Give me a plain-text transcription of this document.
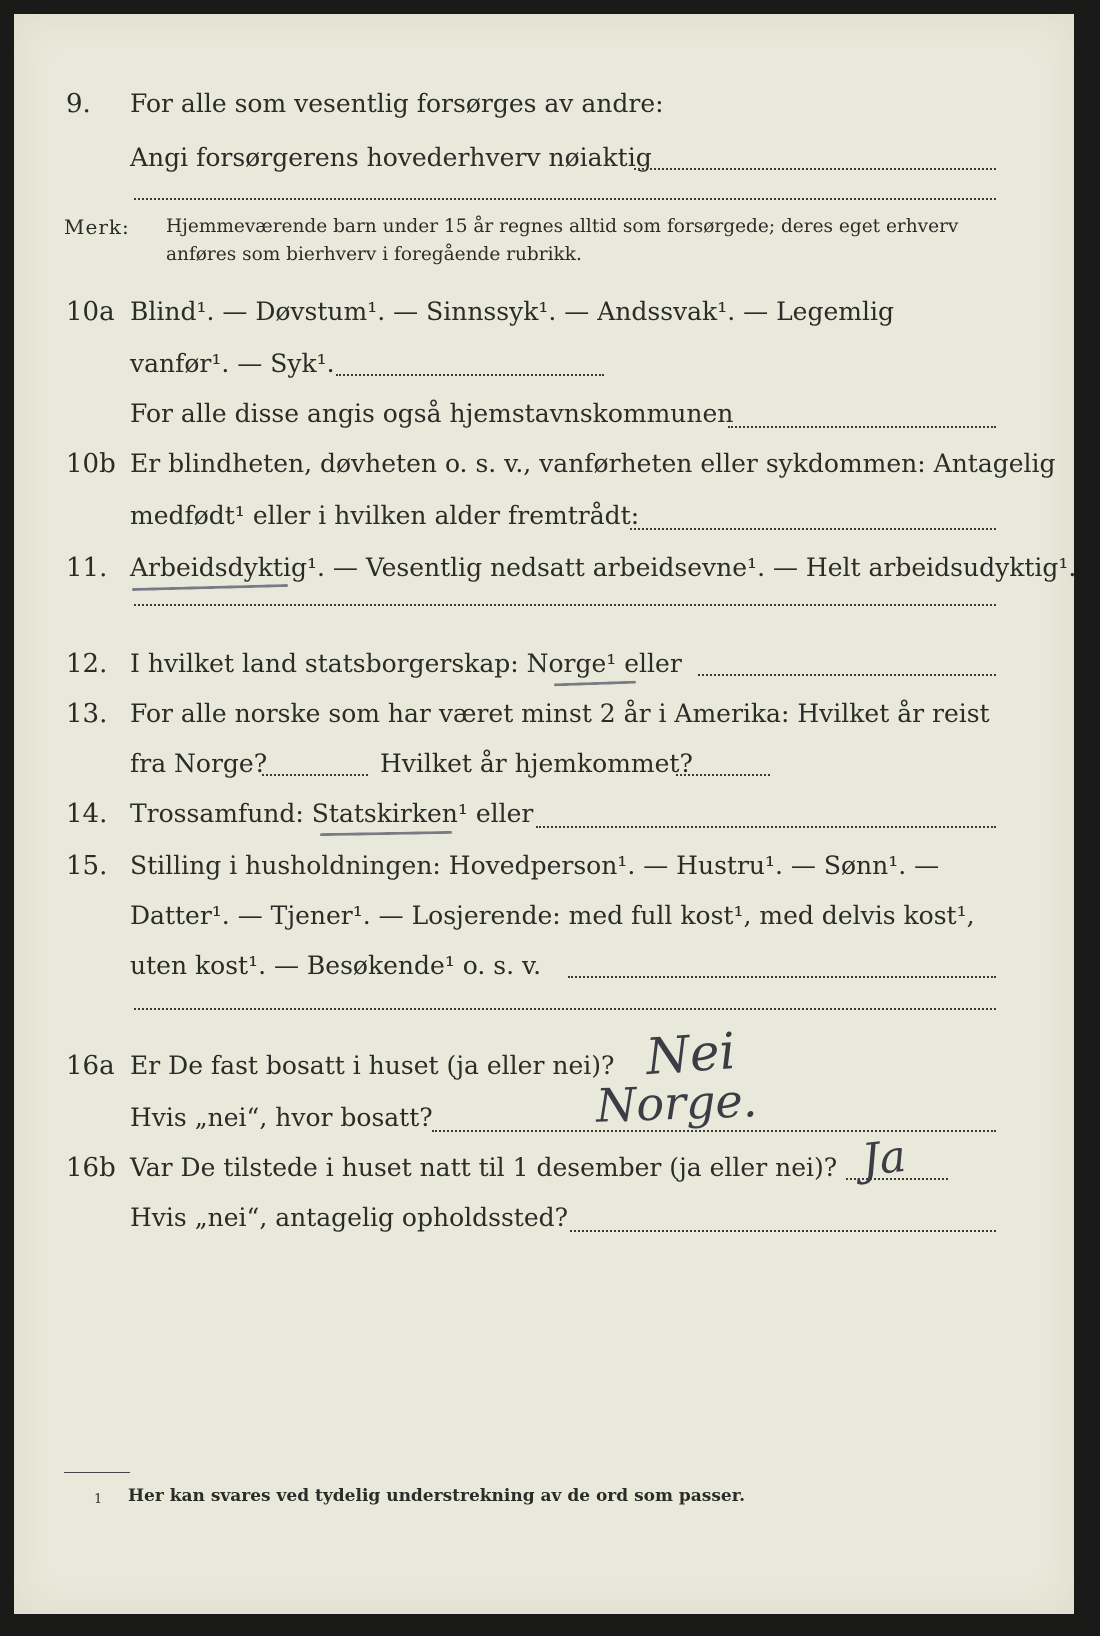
9. For alle som vesentlig forsørges av andre:
Angi forsørgerens hovederhverv nøiaktig
Merk: Hjemmeværende barn under 15 år regnes alltid som forsørgede; deres eget erhverv
anføres som bierhverv i foregående rubrikk.
10a Blind¹. — Døvstum¹. — Sinnssyk¹. — Andssvak¹. — Legemlig
vanfør¹. — Syk¹.
For alle disse angis også hjemstavnskommunen
10b Er blindheten, døvheten o. s. v., vanførheten eller sykdommen: Antagelig
medfødt¹ eller i hvilken alder fremtrådt:
11. Arbeidsdyktig¹. — Vesentlig nedsatt arbeidsevne¹. — Helt arbeidsudyktig¹.
12. I hvilket land statsborgerskap: Norge¹ eller
13. For alle norske som har været minst 2 år i Amerika: Hvilket år reist
fra Norge?	Hvilket år hjemkommet?
14. Trossamfund: Statskirken¹ eller
15. Stilling i husholdningen: Hovedperson¹. — Hustru¹. — Sønn¹. —
Datter¹. — Tjener¹. — Losjerende: med full kost¹, med delvis kost¹,
uten kost¹. — Besøkende¹ o. s. v.
16a Er De fast bosatt i huset (ja eller nei)? Nei
Hvis „nei“, hvor bosatt?	Norge.
16b Var De tilstede i huset natt til 1 desember (ja eller nei)? Ja
Hvis „nei“, antagelig opholdssted?
1 Her kan svares ved tydelig understrekning av de ord som passer.
